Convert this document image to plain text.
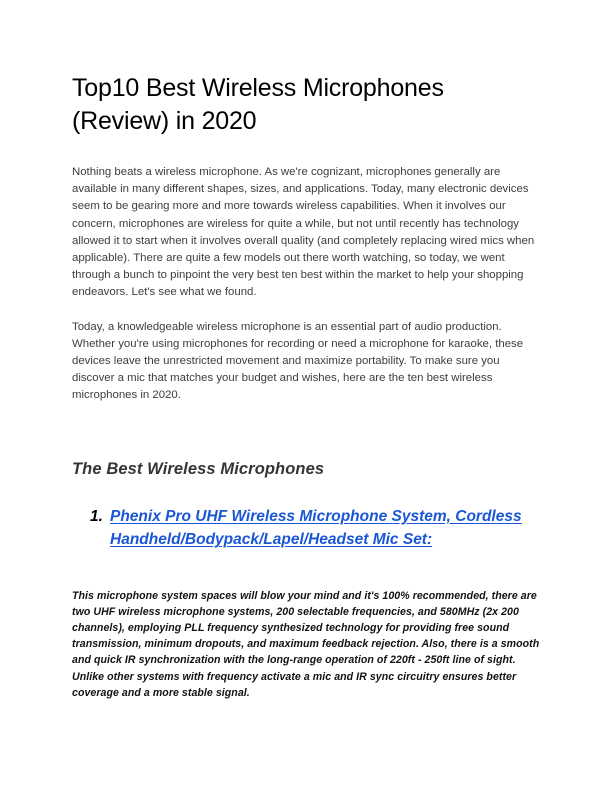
Top10 Best Wireless Microphones (Review) in 2020

Nothing beats a wireless microphone. As we're cognizant, microphones generally are available in many different shapes, sizes, and applications. Today, many electronic devices seem to be gearing more and more towards wireless capabilities. When it involves our concern, microphones are wireless for quite a while, but not until recently has technology allowed it to start when it involves overall quality (and completely replacing wired mics when applicable). There are quite a few models out there worth watching, so today, we went through a bunch to pinpoint the very best ten best within the market to help your shopping endeavors. Let's see what we found.

Today, a knowledgeable wireless microphone is an essential part of audio production. Whether you're using microphones for recording or need a microphone for karaoke, these devices leave the unrestricted movement and maximize portability. To make sure you discover a mic that matches your budget and wishes, here are the ten best wireless microphones in 2020.

The Best Wireless Microphones
1. Phenix Pro UHF Wireless Microphone System, Cordless Handheld/Bodypack/Lapel/Headset Mic Set:

This microphone system spaces will blow your mind and it's 100% recommended, there are two UHF wireless microphone systems, 200 selectable frequencies, and 580MHz (2x 200 channels), employing PLL frequency synthesized technology for providing free sound transmission, minimum dropouts, and maximum feedback rejection. Also, there is a smooth and quick IR synchronization with the long-range operation of 220ft - 250ft line of sight. Unlike other systems with frequency activate a mic and IR sync circuitry ensures better coverage and a more stable signal.
